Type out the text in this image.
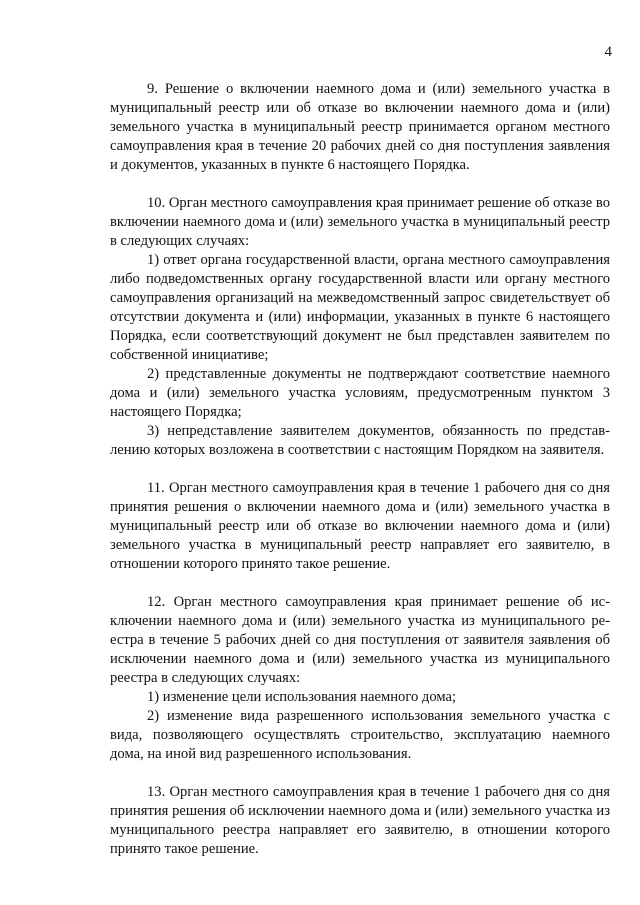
4

9. Решение о включении наемного дома и (или) земельного участка в муниципальный реестр или об отказе во включении наемного дома и (или) земельного участка в муниципальный реестр принимается органом местного самоуправления края в течение 20 рабочих дней со дня поступления заявления и документов, указанных в пункте 6 настоящего Порядка.

10. Орган местного самоуправления края принимает решение об отказе во включении наемного дома и (или) земельного участка в муниципальный реестр в следующих случаях:

1) ответ органа государственной власти, органа местного самоуправления либо подведомственных органу государственной власти или органу местного самоуправления организаций на межведомственный запрос свидетельствует об отсутствии документа и (или) информации, указанных в пункте 6 настоящего Порядка, если соответствующий документ не был представлен заявителем по собственной инициативе;

2) представленные документы не подтверждают соответствие наемного дома и (или) земельного участка условиям, предусмотренным пунктом 3 настоящего Порядка;

3) непредставление заявителем документов, обязанность по представлению которых возложена в соответствии с настоящим Порядком на заявителя.

11. Орган местного самоуправления края в течение 1 рабочего дня со дня принятия решения о включении наемного дома и (или) земельного участка в муниципальный реестр или об отказе во включении наемного дома и (или) земельного участка в муниципальный реестр направляет его заявителю, в отношении которого принято такое решение.

12. Орган местного самоуправления края принимает решение об исключении наемного дома и (или) земельного участка из муниципального реестра в течение 5 рабочих дней со дня поступления от заявителя заявления об исключении наемного дома и (или) земельного участка из муниципального реестра в следующих случаях:

1) изменение цели использования наемного дома;

2) изменение вида разрешенного использования земельного участка с вида, позволяющего осуществлять строительство, эксплуатацию наемного дома, на иной вид разрешенного использования.

13. Орган местного самоуправления края в течение 1 рабочего дня со дня принятия решения об исключении наемного дома и (или) земельного участка из муниципального реестра направляет его заявителю, в отношении которого принято такое решение.
